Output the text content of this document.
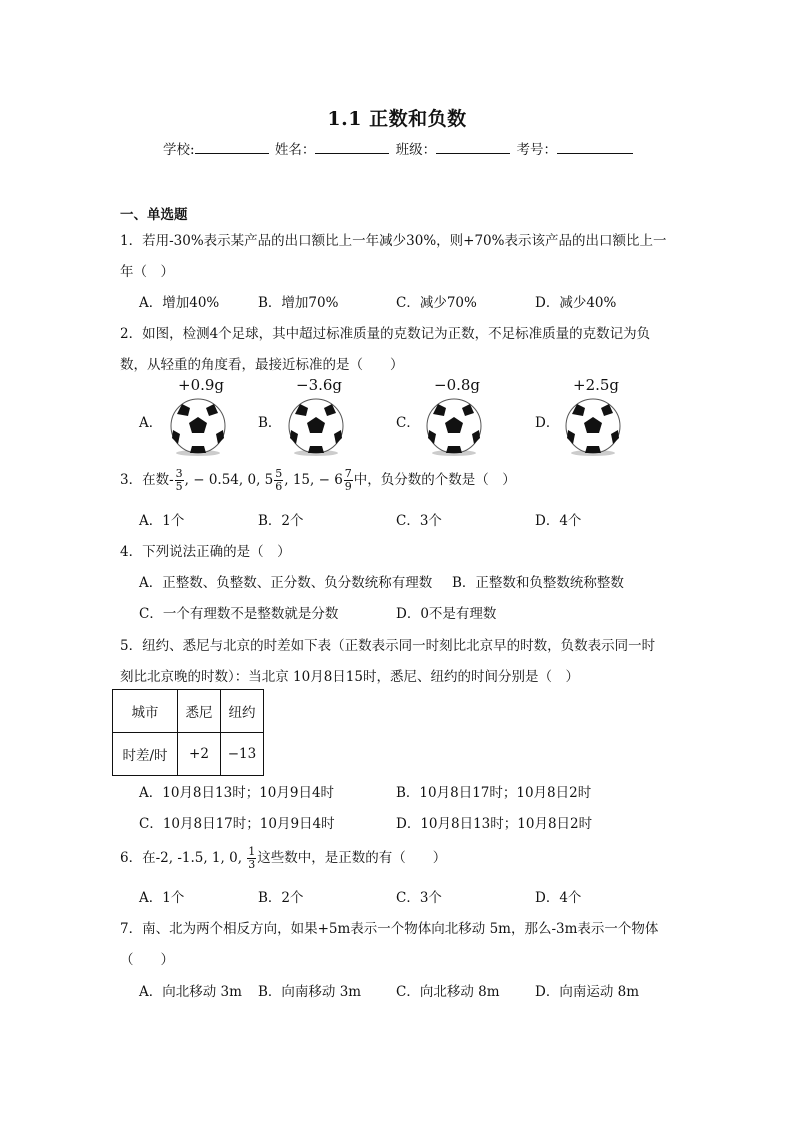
1.1 正数和负数
学校:	姓名：	班级：	考号：
一、单选题
1．若用-30%表示某产品的出口额比上一年减少30%，则+70%表示该产品的出口额比上一
年（　）
A．增加40%	B．增加70%	C．减少70%	D．减少40%
2．如图，检测4个足球，其中超过标准质量的克数记为正数，不足标准质量的克数记为负
数，从轻重的角度看，最接近标准的是（　　）
+0.9g	−3.6g	−0.8g	+2.5g
A．	B．	C．	D．
3．在数- $\frac{3}{5}$ , − 0.54, 0, $5 \frac{5}{6}$ , 15, − $6 \frac{7}{9}$ 中，负分数的个数是（　）
A．1个	B．2个	C．3个	D．4个
4．下列说法正确的是（　）
A．正整数、负整数、正分数、负分数统称有理数 B．正整数和负整数统称整数
C．一个有理数不是整数就是分数	D．0不是有理数
5．纽约、悉尼与北京的时差如下表（正数表示同一时刻比北京早的时数，负数表示同一时
刻比北京晚的时数）：当北京 10月8日15时，悉尼、纽约的时间分别是（　）
城市	悉尼	纽约
时差/时	+2	−13
A．10月8日13时；10月9日4时	B．10月8日17时；10月8日2时
C．10月8日17时；10月9日4时	D．10月8日13时；10月8日2时
6．在-2, -1.5, 1, 0, $\frac{1}{3}$ 这些数中，是正数的有（　　）
A．1个	B．2个	C．3个	D．4个
7．南、北为两个相反方向，如果+5m表示一个物体向北移动 5m，那么-3m表示一个物体
（　　）
A．向北移动 3m B．向南移动 3m	C．向北移动 8m	D．向南运动 8m
